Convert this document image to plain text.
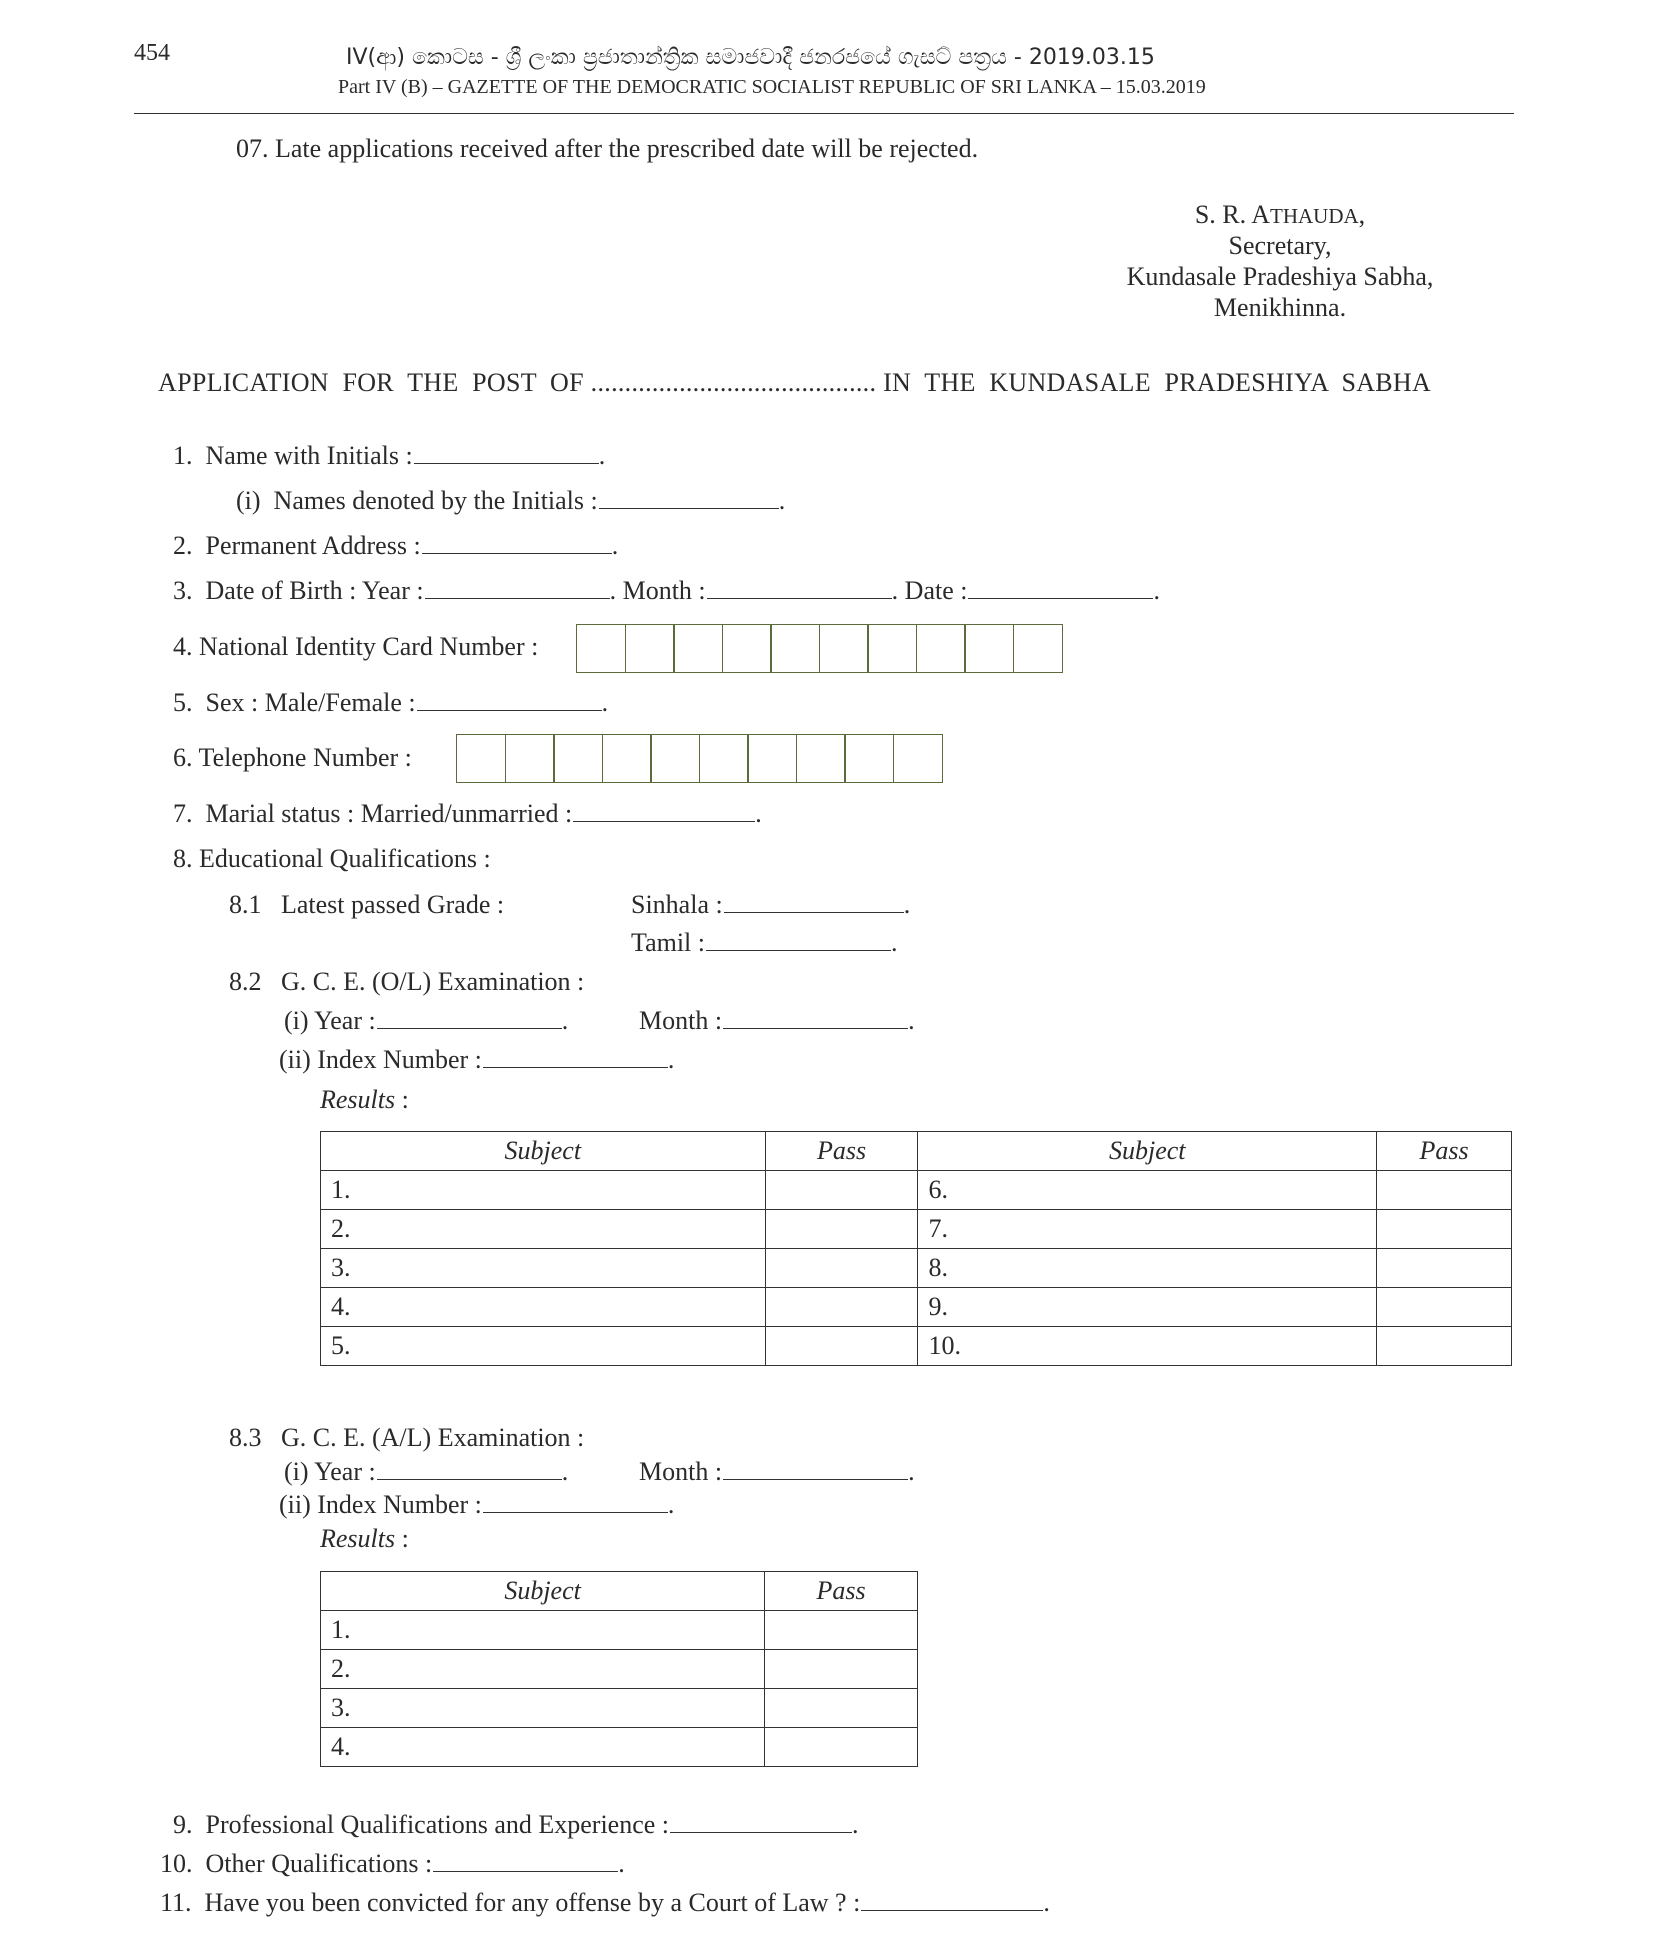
454	IV(ආ) කොටස - ශ්‍රී ලංකා ප්‍රජාතාන්ත්‍රික සමාජවාදී ජනරජයේ ගැසට් පත්‍රය - 2019.03.15
Part IV (B) – GAZETTE OF THE DEMOCRATIC SOCIALIST REPUBLIC OF SRI LANKA – 15.03.2019
07. Late applications received after the prescribed date will be rejected.
S. R. ATHAUDA,
Secretary,
Kundasale Pradeshiya Sabha,
Menikhinna.
APPLICATION  FOR  THE  POST  OF .......................................... IN  THE  KUNDASALE  PRADESHIYA  SABHA
1.  Name with Initials :	.
(i)  Names denoted by the Initials :	.
2.  Permanent Address :	.
3.  Date of Birth : Year :	. Month :	. Date :	.
4. National Identity Card Number :
5.  Sex : Male/Female :	.
6. Telephone Number :
7.  Marial status : Married/unmarried :	.
8. Educational Qualifications :
8.1 Latest passed Grade :	Sinhala :	.
Tamil :	.
8.2 G. C. E. (O/L) Examination :
(i) Year :	.	Month :	.
(ii) Index Number :	.
Results :
Subject	Pass	Subject	Pass
1.		6.	
2.		7.	
3.		8.	
4.		9.	
5.		10.	
8.3 G. C. E. (A/L) Examination :
(i) Year :	.	Month :	.
(ii) Index Number :	.
Results :
Subject	Pass
1.	
2.	
3.	
4.	
9.  Professional Qualifications and Experience :	.
10.  Other Qualifications :	.
11.  Have you been convicted for any offense by a Court of Law ? :	.
